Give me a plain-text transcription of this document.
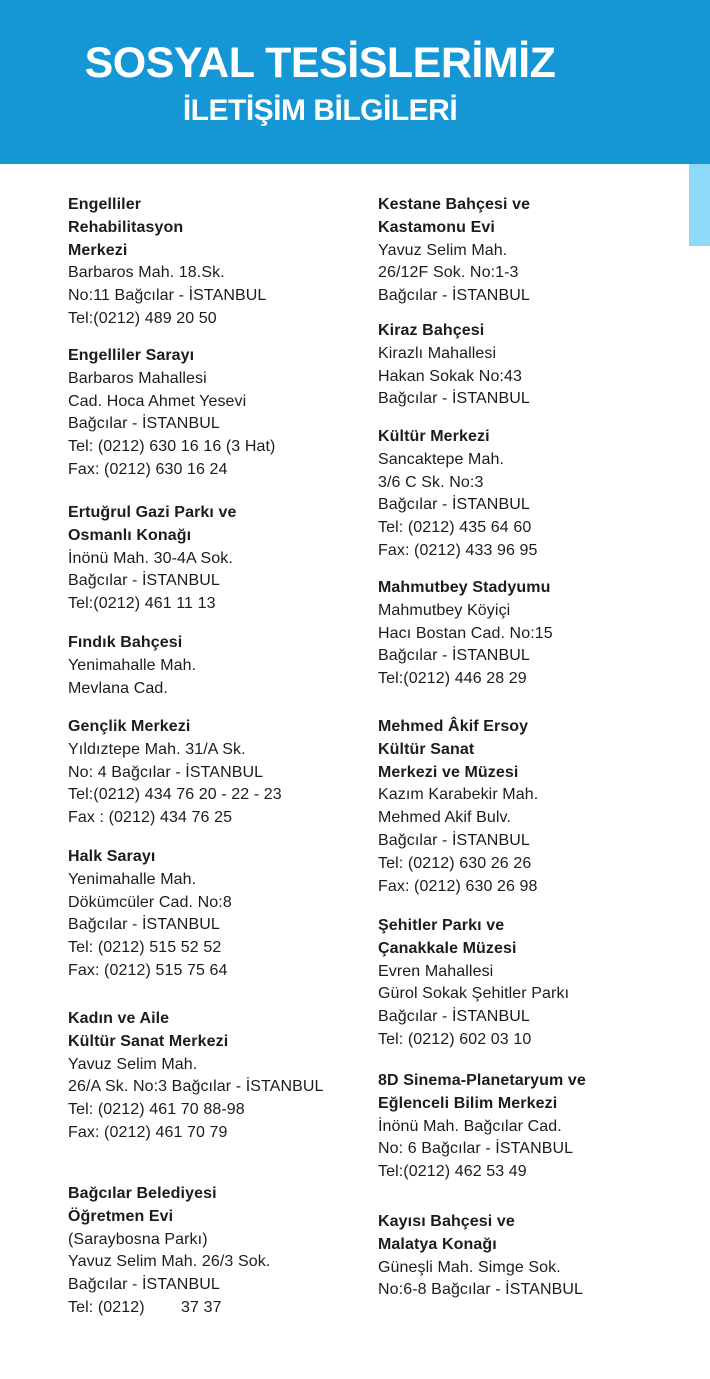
SOSYAL TESİSLERİMİZ
İLETİŞİM BİLGİLERİ
Engelliler
Rehabilitasyon
Merkezi
Barbaros Mah. 18.Sk.
No:11 Bağcılar - İSTANBUL
Tel:(0212) 489 20 50
Engelliler Sarayı
Barbaros Mahallesi
Cad. Hoca Ahmet Yesevi
Bağcılar - İSTANBUL
Tel: (0212) 630 16 16 (3 Hat)
Fax: (0212) 630 16 24
Ertuğrul Gazi Parkı ve
Osmanlı Konağı
İnönü Mah. 30-4A Sok.
Bağcılar - İSTANBUL
Tel:(0212) 461 11 13
Fındık Bahçesi
Yenimahalle Mah.
Mevlana Cad.
Gençlik Merkezi
Yıldıztepe Mah. 31/A Sk.
No: 4 Bağcılar - İSTANBUL
Tel:(0212) 434 76 20 - 22 - 23
Fax : (0212) 434 76 25
Halk Sarayı
Yenimahalle Mah.
Dökümcüler Cad. No:8
Bağcılar - İSTANBUL
Tel: (0212) 515 52 52
Fax: (0212) 515 75 64
Kadın ve Aile
Kültür Sanat Merkezi
Yavuz Selim Mah.
26/A Sk. No:3 Bağcılar - İSTANBUL
Tel: (0212) 461 70 88-98
Fax: (0212) 461 70 79
Bağcılar Belediyesi
Öğretmen Evi
(Saraybosna Parkı)
Yavuz Selim Mah. 26/3 Sok.
Bağcılar - İSTANBUL
Tel: (0212)        37 37
Kestane Bahçesi ve
Kastamonu Evi
Yavuz Selim Mah.
26/12F Sok. No:1-3
Bağcılar - İSTANBUL
Kiraz Bahçesi
Kirazlı Mahallesi
Hakan Sokak No:43
Bağcılar - İSTANBUL
Kültür Merkezi
Sancaktepe Mah.
3/6 C Sk. No:3
Bağcılar - İSTANBUL
Tel: (0212) 435 64 60
Fax: (0212) 433 96 95
Mahmutbey Stadyumu
Mahmutbey Köyiçi
Hacı Bostan Cad. No:15
Bağcılar - İSTANBUL
Tel:(0212) 446 28 29
Mehmed Âkif Ersoy
Kültür Sanat
Merkezi ve Müzesi
Kazım Karabekir Mah.
Mehmed Akif Bulv.
Bağcılar - İSTANBUL
Tel: (0212) 630 26 26
Fax: (0212) 630 26 98
Şehitler Parkı ve
Çanakkale Müzesi
Evren Mahallesi
Gürol Sokak Şehitler Parkı
Bağcılar - İSTANBUL
Tel: (0212) 602 03 10
8D Sinema-Planetaryum ve
Eğlenceli Bilim Merkezi
İnönü Mah. Bağcılar Cad.
No: 6 Bağcılar - İSTANBUL
Tel:(0212) 462 53 49
Kayısı Bahçesi ve
Malatya Konağı
Güneşli Mah. Simge Sok.
No:6-8 Bağcılar - İSTANBUL
